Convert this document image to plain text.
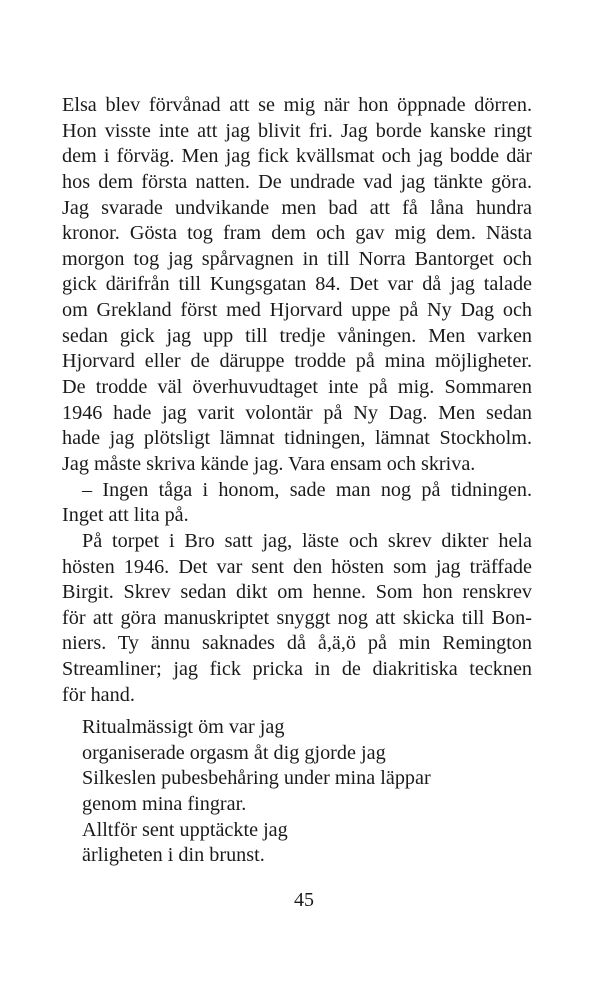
Elsa blev förvånad att se mig när hon öppnade dörren.
Hon visste inte att jag blivit fri. Jag borde kanske ringt
dem i förväg. Men jag fick kvällsmat och jag bodde där
hos dem första natten. De undrade vad jag tänkte göra.
Jag svarade undvikande men bad att få låna hundra
kronor. Gösta tog fram dem och gav mig dem. Nästa
morgon tog jag spårvagnen in till Norra Bantorget och
gick därifrån till Kungsgatan 84. Det var då jag talade
om Grekland först med Hjorvard uppe på Ny Dag och
sedan gick jag upp till tredje våningen. Men varken
Hjorvard eller de däruppe trodde på mina möjligheter.
De trodde väl överhuvudtaget inte på mig. Sommaren
1946 hade jag varit volontär på Ny Dag. Men sedan
hade jag plötsligt lämnat tidningen, lämnat Stockholm.
Jag måste skriva kände jag. Vara ensam och skriva.
– Ingen tåga i honom, sade man nog på tidningen.
Inget att lita på.
På torpet i Bro satt jag, läste och skrev dikter hela
hösten 1946. Det var sent den hösten som jag träffade
Birgit. Skrev sedan dikt om henne. Som hon renskrev
för att göra manuskriptet snyggt nog att skicka till Bon-
niers. Ty ännu saknades då å,ä,ö på min Remington
Streamliner; jag fick pricka in de diakritiska tecknen
för hand.
Ritualmässigt öm var jag
organiserade orgasm åt dig gjorde jag
Silkeslen pubesbehåring under mina läppar
genom mina fingrar.
Alltför sent upptäckte jag
ärligheten i din brunst.
45
